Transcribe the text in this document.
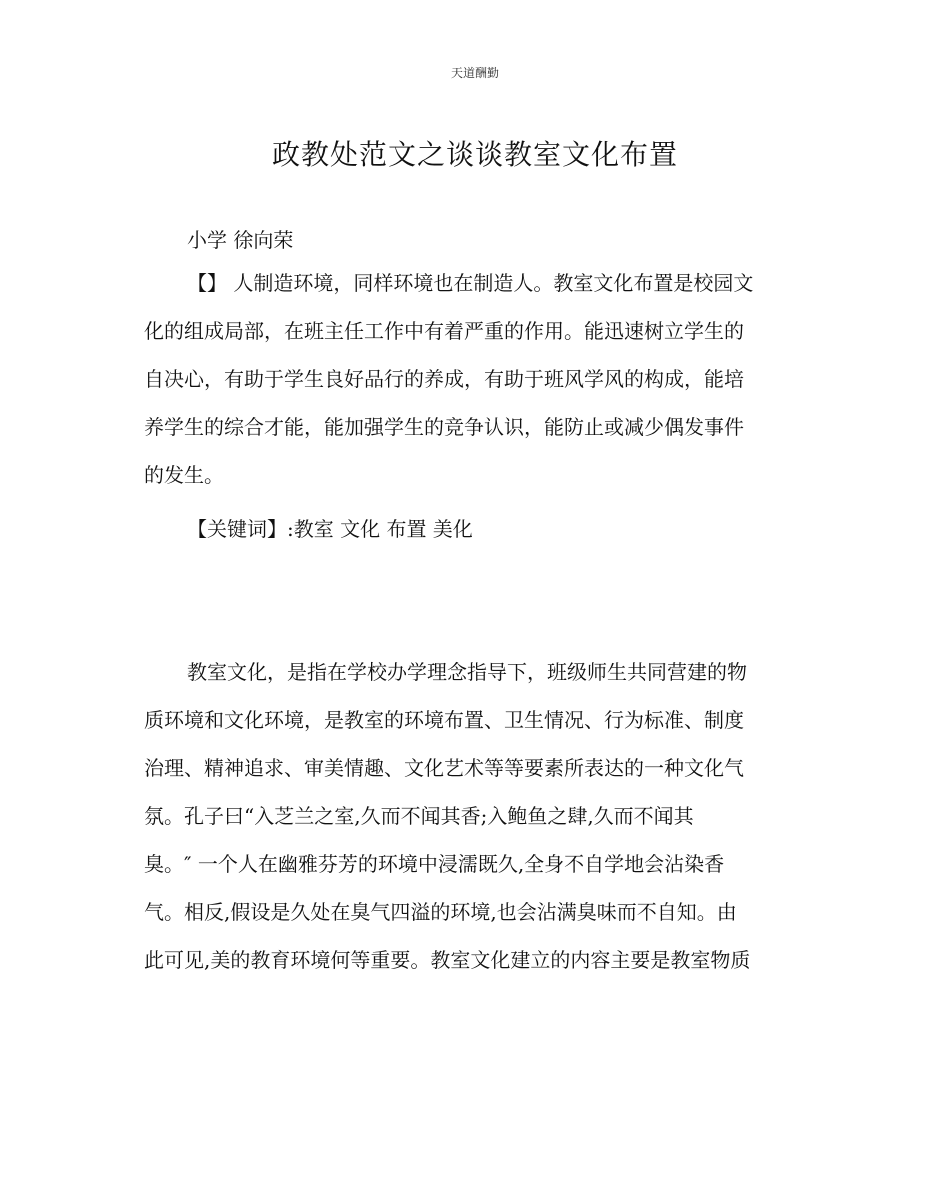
天道酬勤
政教处范文之谈谈教室文化布置
小学 徐向荣
【】 人制造环境，同样环境也在制造人。教室文化布置是校园文
化的组成局部，在班主任工作中有着严重的作用。能迅速树立学生的
自决心，有助于学生良好品行的养成，有助于班风学风的构成，能培
养学生的综合才能，能加强学生的竞争认识，能防止或减少偶发事件
的发生。
【关键词】:教室 文化 布置 美化
教室文化，是指在学校办学理念指导下，班级师生共同营建的物
质环境和文化环境，是教室的环境布置、卫生情况、行为标准、制度
治理、精神追求、审美情趣、文化艺术等等要素所表达的一种文化气
氛。孔子曰“入芝兰之室,久而不闻其香;入鲍鱼之肆,久而不闻其
臭。″ 一个人在幽雅芬芳的环境中浸濡既久,全身不自学地会沾染香
气。相反,假设是久处在臭气四溢的环境,也会沾满臭味而不自知。由
此可见,美的教育环境何等重要。教室文化建立的内容主要是教室物质
